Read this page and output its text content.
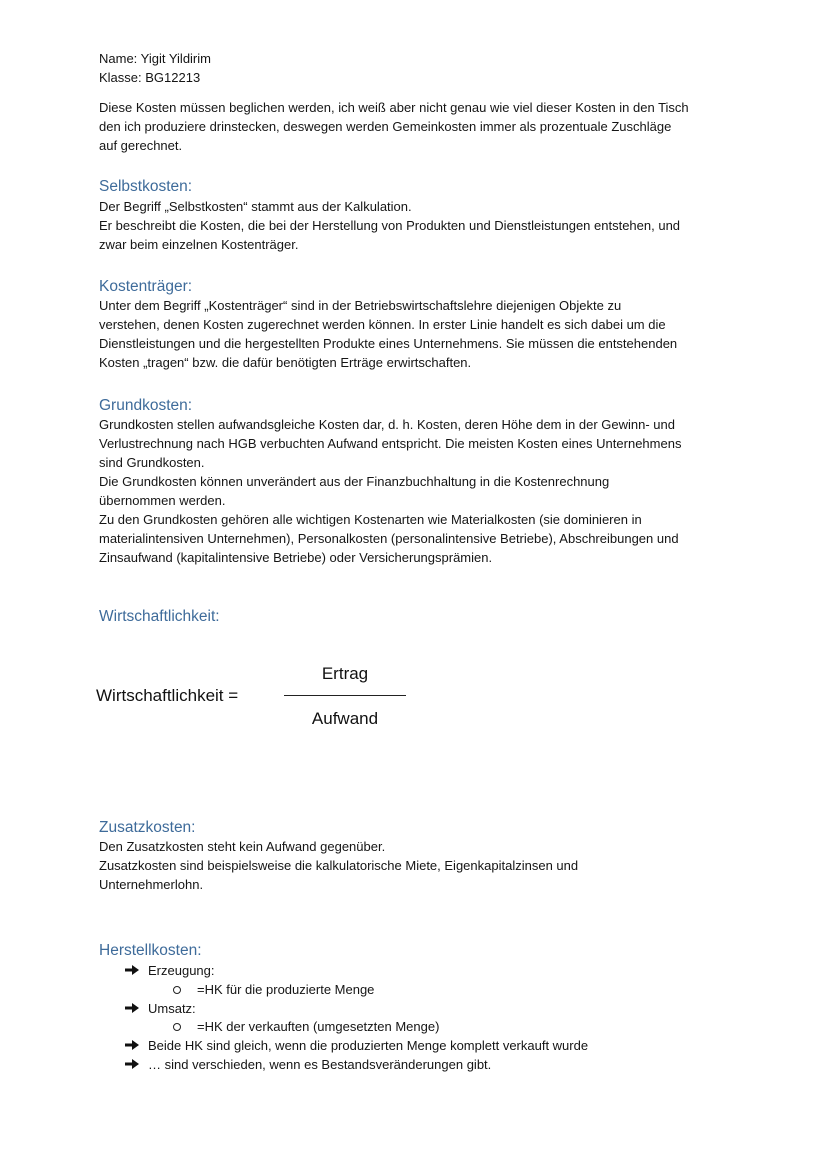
Name: Yigit Yildirim
Klasse: BG12213
Diese Kosten müssen beglichen werden, ich weiß aber nicht genau wie viel dieser Kosten in den Tisch
den ich produziere drinstecken, deswegen werden Gemeinkosten immer als prozentuale Zuschläge
auf gerechnet.
Selbstkosten:
Der Begriff „Selbstkosten“ stammt aus der Kalkulation.
Er beschreibt die Kosten, die bei der Herstellung von Produkten und Dienstleistungen entstehen, und
zwar beim einzelnen Kostenträger.
Kostenträger:
Unter dem Begriff „Kostenträger“ sind in der Betriebswirtschaftslehre diejenigen Objekte zu
verstehen, denen Kosten zugerechnet werden können. In erster Linie handelt es sich dabei um die
Dienstleistungen und die hergestellten Produkte eines Unternehmens. Sie müssen die entstehenden
Kosten „tragen“ bzw. die dafür benötigten Erträge erwirtschaften.
Grundkosten:
Grundkosten stellen aufwandsgleiche Kosten dar, d. h. Kosten, deren Höhe dem in der Gewinn- und
Verlustrechnung nach HGB verbuchten Aufwand entspricht. Die meisten Kosten eines Unternehmens
sind Grundkosten.
Die Grundkosten können unverändert aus der Finanzbuchhaltung in die Kostenrechnung
übernommen werden.
Zu den Grundkosten gehören alle wichtigen Kostenarten wie Materialkosten (sie dominieren in
materialintensiven Unternehmen), Personalkosten (personalintensive Betriebe), Abschreibungen und
Zinsaufwand (kapitalintensive Betriebe) oder Versicherungsprämien.
Wirtschaftlichkeit:
Wirtschaftlichkeit =
Ertrag
Aufwand
Zusatzkosten:
Den Zusatzkosten steht kein Aufwand gegenüber.
Zusatzkosten sind beispielsweise die kalkulatorische Miete, Eigenkapitalzinsen und
Unternehmerlohn.
Herstellkosten:
Erzeugung:
=HK für die produzierte Menge
Umsatz:
=HK der verkauften (umgesetzten Menge)
Beide HK sind gleich, wenn die produzierten Menge komplett verkauft wurde
… sind verschieden, wenn es Bestandsveränderungen gibt.
